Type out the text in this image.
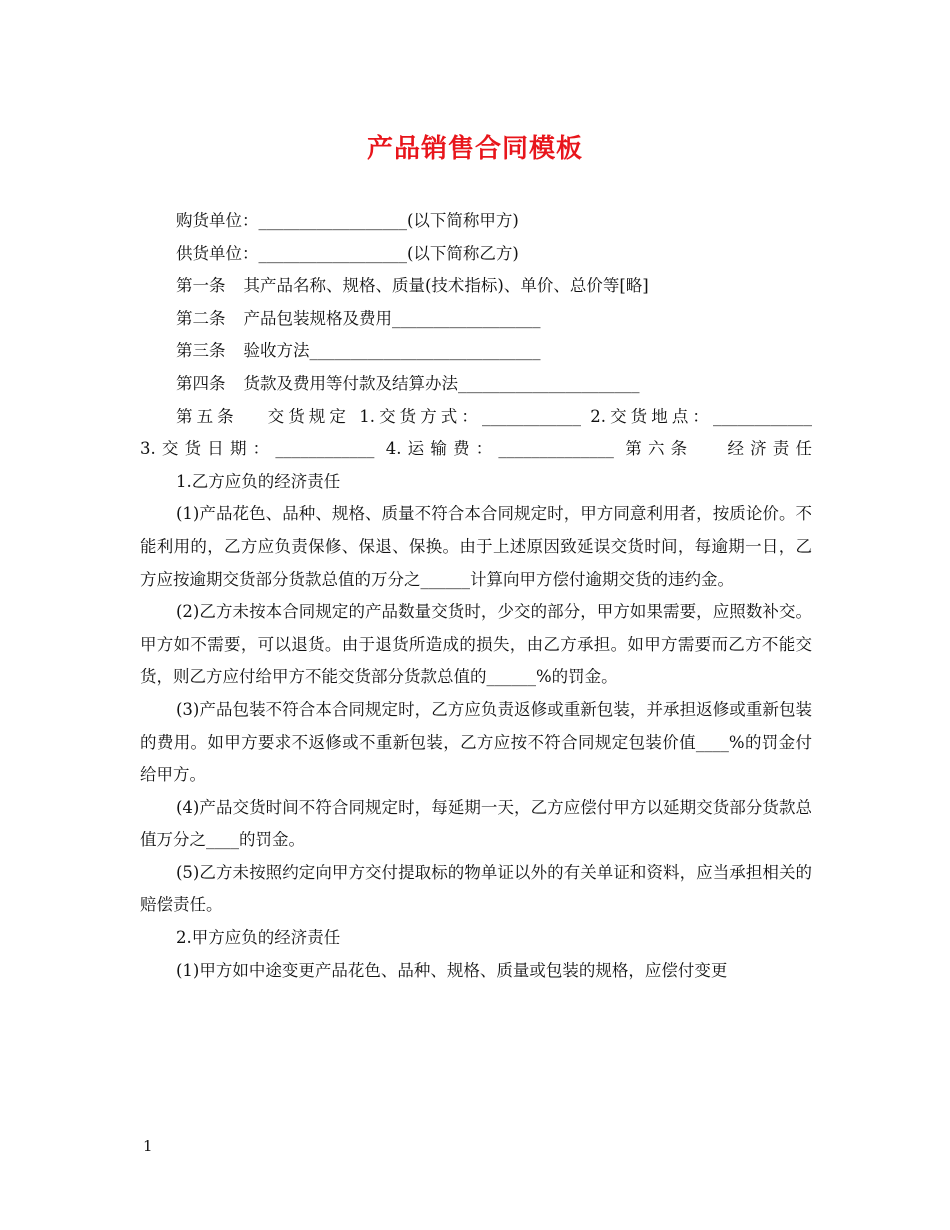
产品销售合同模板
购货单位：__________________(以下简称甲方)
供货单位：__________________(以下简称乙方)
第一条 其产品名称、规格、质量(技术指标)、单价、总价等[略]
第二条 产品包装规格及费用__________________
第三条 验收方法____________________________
第四条 货款及费用等付款及结算办法______________________
第五条　 交货规定 1.交货方式：____________ 2.交货地点：____________
3.交货日期：____________ 4.运输费：______________ 第六条　 经济责任
1.乙方应负的经济责任
(1)产品花色、品种、规格、质量不符合本合同规定时，甲方同意利用者，按质论价。不能利用的，乙方应负责保修、保退、保换。由于上述原因致延误交货时间，每逾期一日，乙方应按逾期交货部分货款总值的万分之______计算向甲方偿付逾期交货的违约金。
(2)乙方未按本合同规定的产品数量交货时，少交的部分，甲方如果需要，应照数补交。甲方如不需要，可以退货。由于退货所造成的损失，由乙方承担。如甲方需要而乙方不能交货，则乙方应付给甲方不能交货部分货款总值的______%的罚金。
(3)产品包装不符合本合同规定时，乙方应负责返修或重新包装，并承担返修或重新包装的费用。如甲方要求不返修或不重新包装，乙方应按不符合同规定包装价值____%的罚金付给甲方。
(4)产品交货时间不符合同规定时，每延期一天，乙方应偿付甲方以延期交货部分货款总值万分之____的罚金。
(5)乙方未按照约定向甲方交付提取标的物单证以外的有关单证和资料，应当承担相关的赔偿责任。
2.甲方应负的经济责任
(1)甲方如中途变更产品花色、品种、规格、质量或包装的规格，应偿付变更
1
